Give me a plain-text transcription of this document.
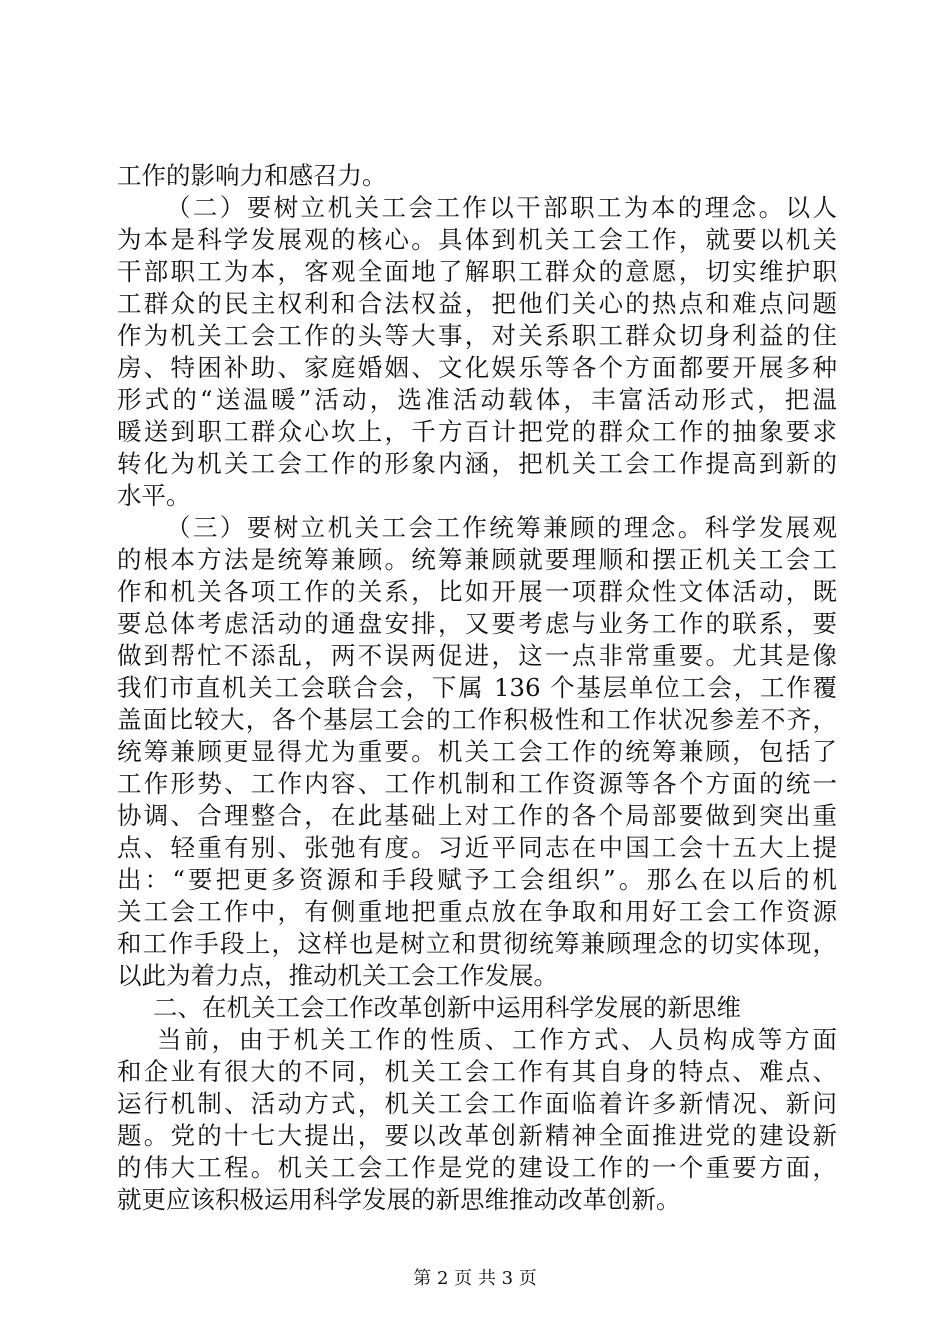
工作的影响力和感召力。
（二）要树立机关工会工作以干部职工为本的理念。以人
为本是科学发展观的核心。具体到机关工会工作，就要以机关
干部职工为本，客观全面地了解职工群众的意愿，切实维护职
工群众的民主权利和合法权益，把他们关心的热点和难点问题
作为机关工会工作的头等大事，对关系职工群众切身利益的住
房、特困补助、家庭婚姻、文化娱乐等各个方面都要开展多种
形式的“送温暖”活动，选准活动载体，丰富活动形式，把温
暖送到职工群众心坎上，千方百计把党的群众工作的抽象要求
转化为机关工会工作的形象内涵，把机关工会工作提高到新的
水平。
（三）要树立机关工会工作统筹兼顾的理念。科学发展观
的根本方法是统筹兼顾。统筹兼顾就要理顺和摆正机关工会工
作和机关各项工作的关系，比如开展一项群众性文体活动，既
要总体考虑活动的通盘安排，又要考虑与业务工作的联系，要
做到帮忙不添乱，两不误两促进，这一点非常重要。尤其是像
我们市直机关工会联合会，下属 136 个基层单位工会，工作覆
盖面比较大，各个基层工会的工作积极性和工作状况参差不齐，
统筹兼顾更显得尤为重要。机关工会工作的统筹兼顾，包括了
工作形势、工作内容、工作机制和工作资源等各个方面的统一
协调、合理整合，在此基础上对工作的各个局部要做到突出重
点、轻重有别、张弛有度。习近平同志在中国工会十五大上提
出：“要把更多资源和手段赋予工会组织”。那么在以后的机
关工会工作中，有侧重地把重点放在争取和用好工会工作资源
和工作手段上，这样也是树立和贯彻统筹兼顾理念的切实体现，
以此为着力点，推动机关工会工作发展。
二、在机关工会工作改革创新中运用科学发展的新思维
当前，由于机关工作的性质、工作方式、人员构成等方面
和企业有很大的不同，机关工会工作有其自身的特点、难点、
运行机制、活动方式，机关工会工作面临着许多新情况、新问
题。党的十七大提出，要以改革创新精神全面推进党的建设新
的伟大工程。机关工会工作是党的建设工作的一个重要方面，
就更应该积极运用科学发展的新思维推动改革创新。
第 2 页 共 3 页
